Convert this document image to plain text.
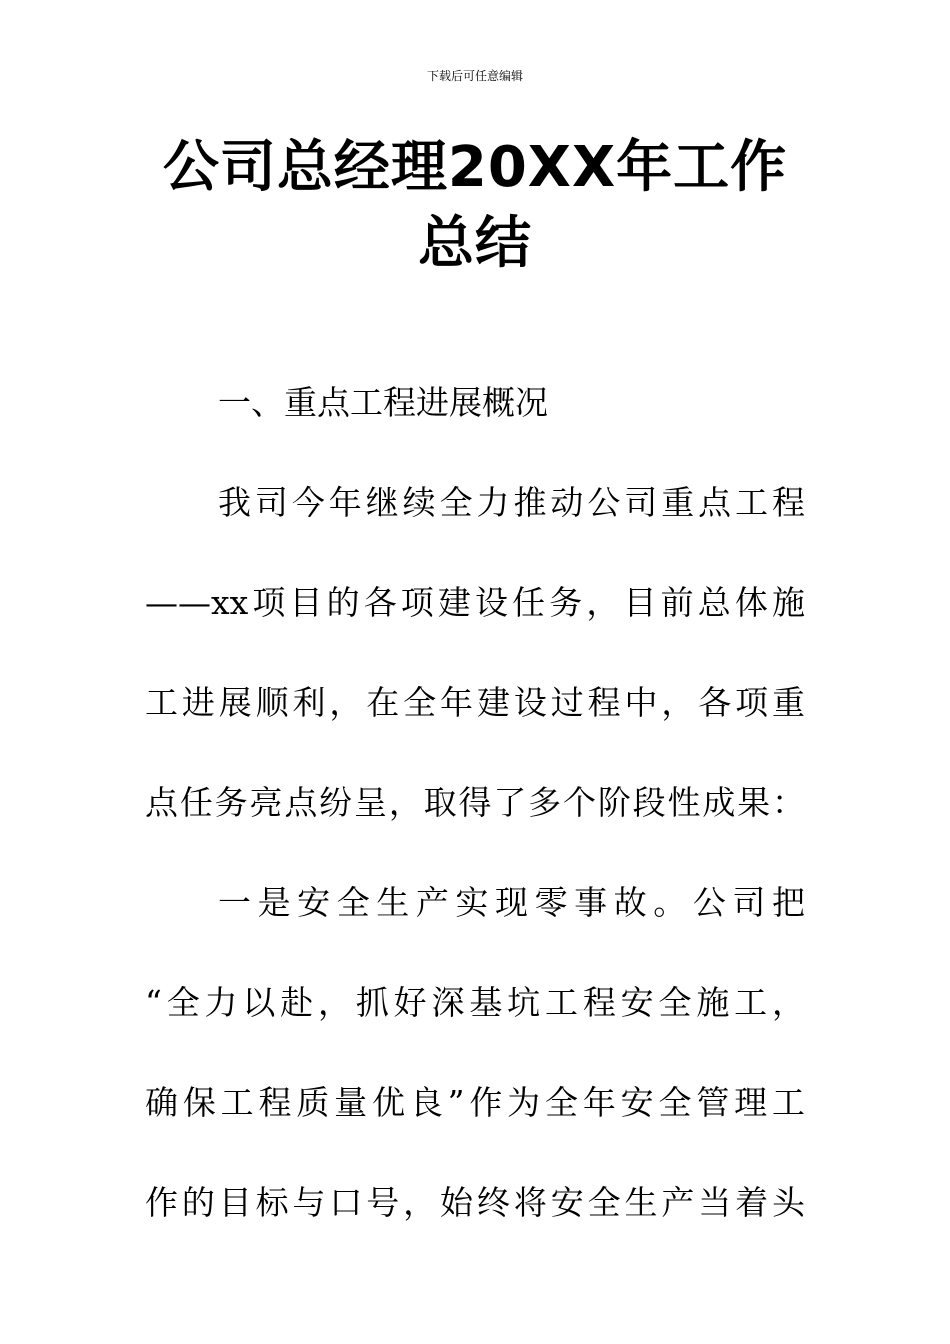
下载后可任意编辑
公司总经理20XX年工作总结
一、重点工程进展概况
我司今年继续全力推动公司重点工程
——xx项目的各项建设任务，目前总体施
工进展顺利，在全年建设过程中，各项重
点任务亮点纷呈，取得了多个阶段性成果：
一是安全生产实现零事故。公司把
“全力以赴，抓好深基坑工程安全施工，
确保工程质量优良”作为全年安全管理工
作的目标与口号，始终将安全生产当着头
